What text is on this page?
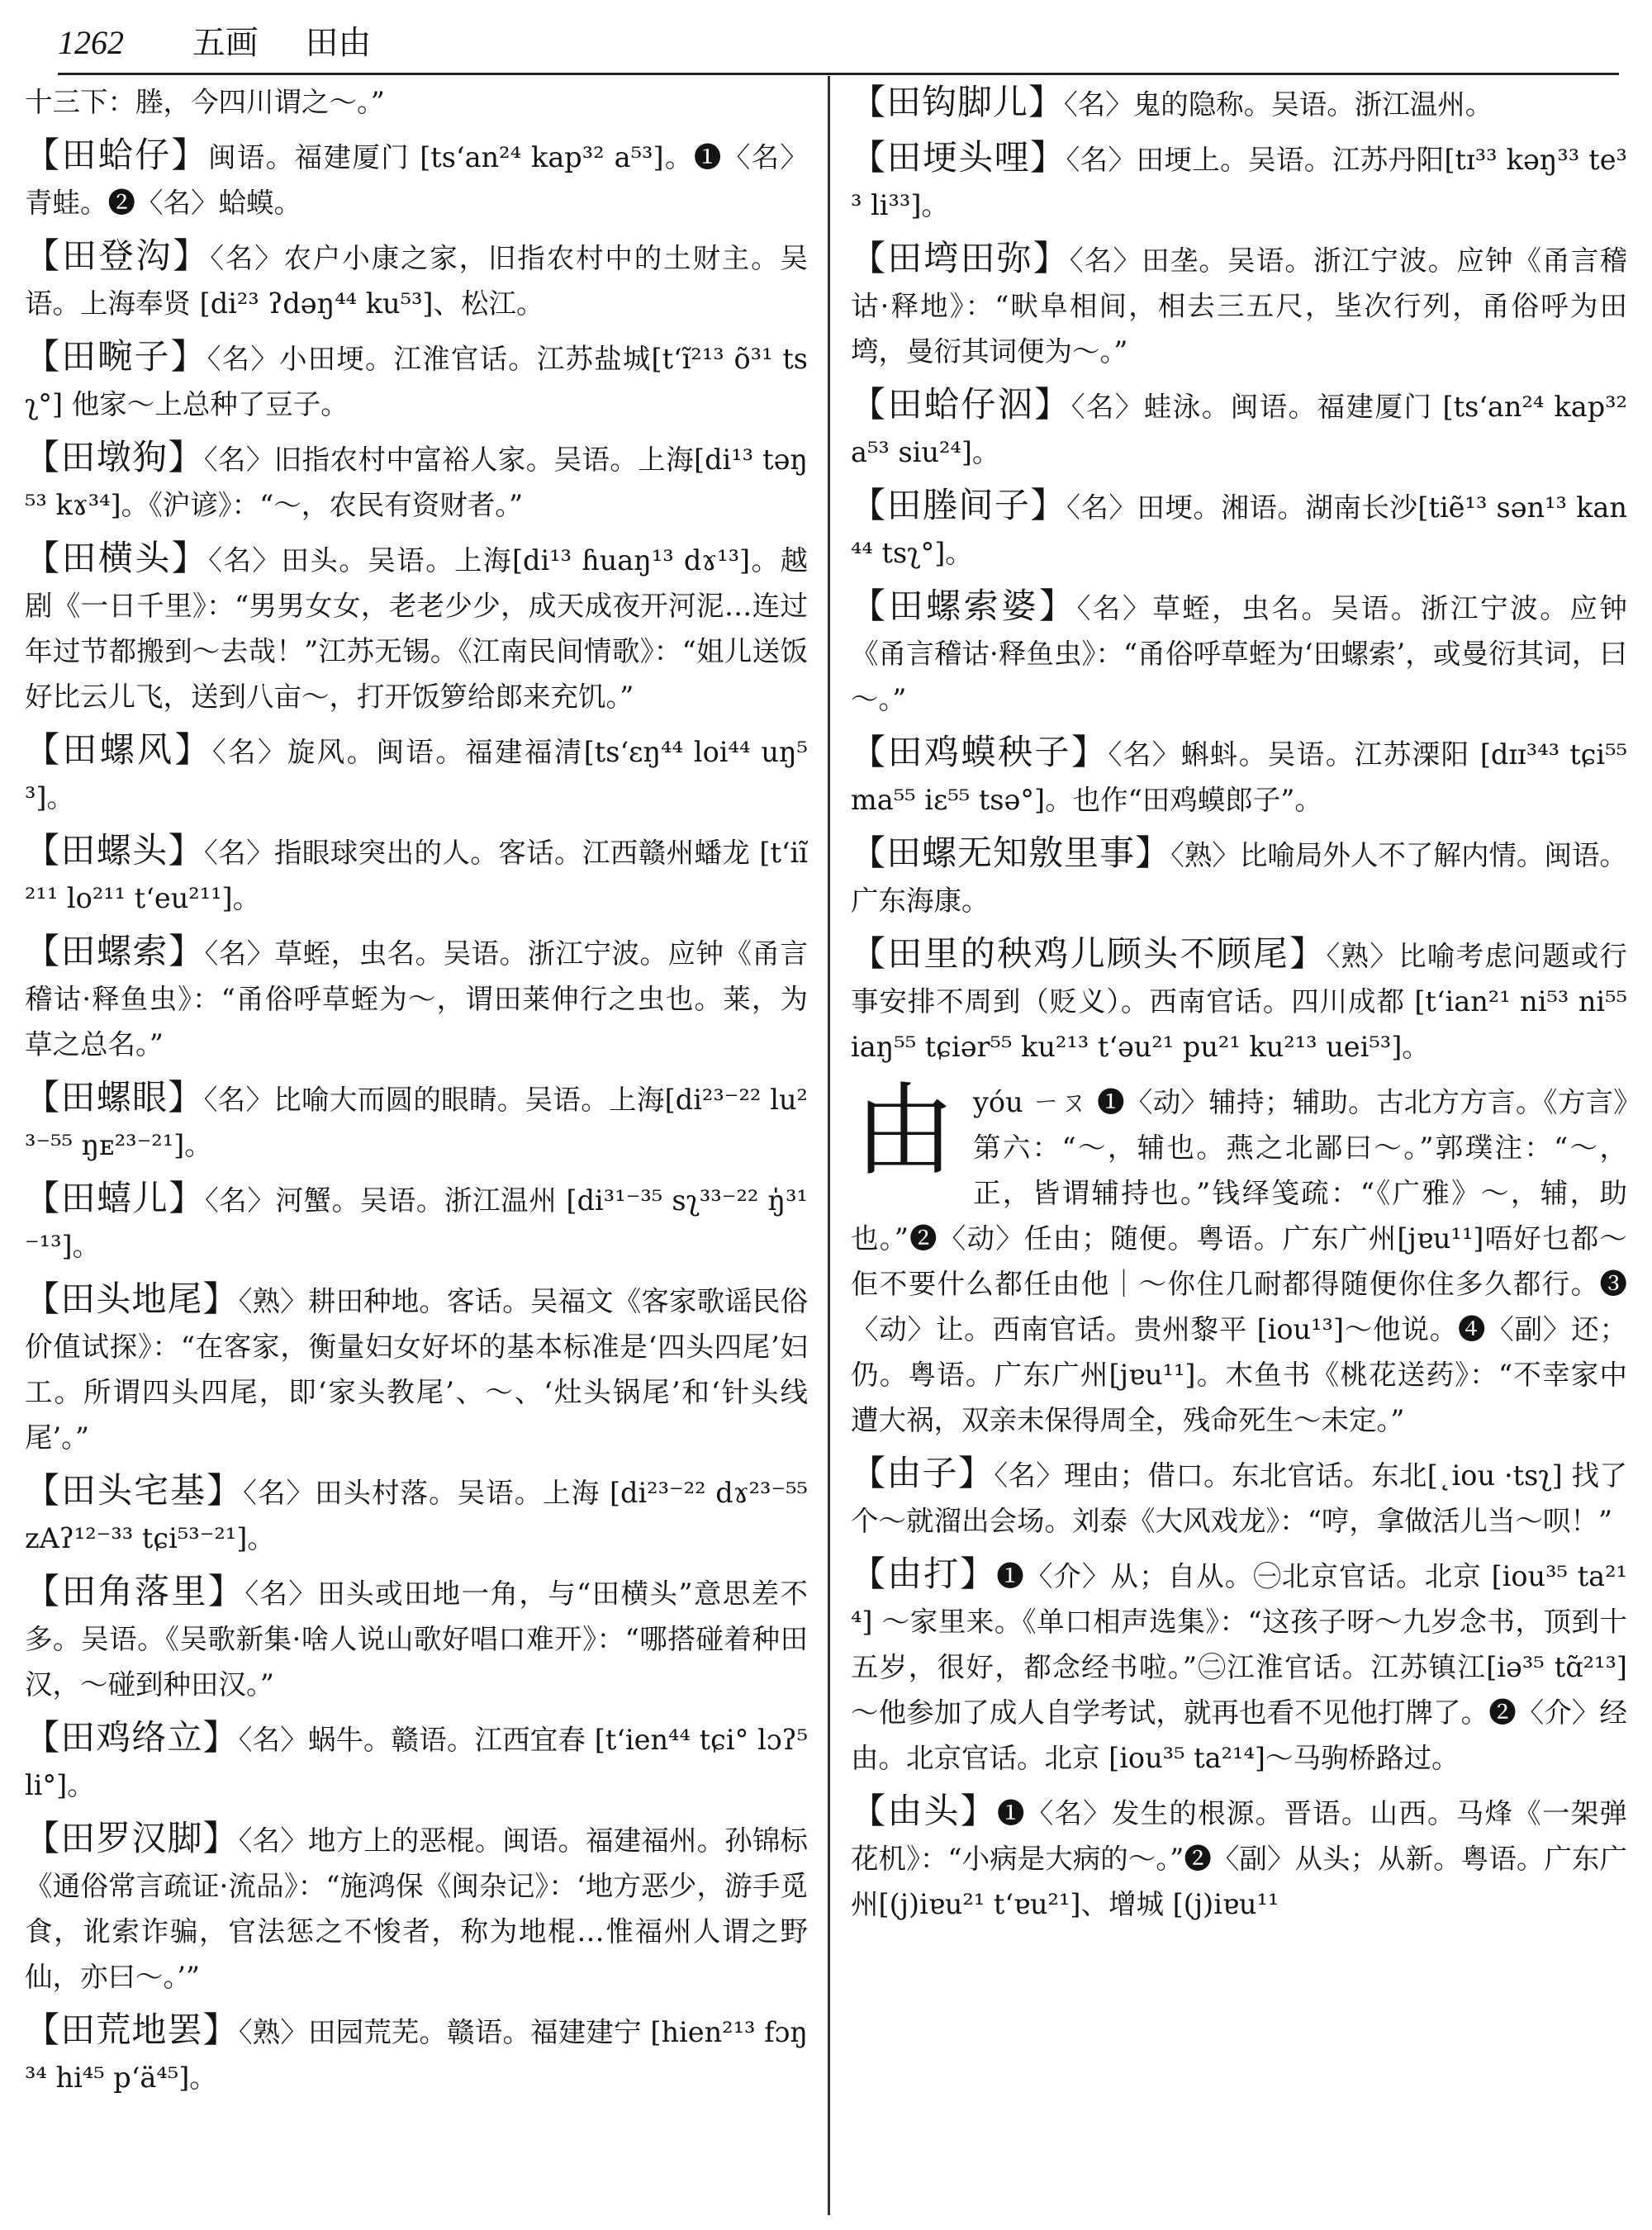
1262 五画 田由

十三下：塍，今四川谓之～。”

【田蛤仔】闽语。福建厦门 [tsʻan²⁴ kap³² a⁵³]。❶〈名〉青蛙。❷〈名〉蛤蟆。

【田登沟】〈名〉农户小康之家，旧指农村中的土财主。吴语。上海奉贤 [di²³ ʔdəŋ⁴⁴ ku⁵³]、松江。

【田畹子】〈名〉小田埂。江淮官话。江苏盐城[tʻĩ²¹³ õ³¹ tsʅ°] 他家～上总种了豆子。

【田墩狗】〈名〉旧指农村中富裕人家。吴语。上海[di¹³ təŋ⁵³ kɤ³⁴]。《沪谚》：“～，农民有资财者。”

【田横头】〈名〉田头。吴语。上海[di¹³ ɦuaŋ¹³ dɤ¹³]。越剧《一日千里》：“男男女女，老老少少，成天成夜开河泥…连过年过节都搬到～去哉！”江苏无锡。《江南民间情歌》：“姐儿送饭好比云儿飞，送到八亩～，打开饭箩给郎来充饥。”

【田螺风】〈名〉旋风。闽语。福建福清[tsʻɛŋ⁴⁴ loi⁴⁴ uŋ⁵³]。

【田螺头】〈名〉指眼球突出的人。客话。江西赣州蟠龙 [tʻiĩ²¹¹ lo²¹¹ tʻeu²¹¹]。

【田螺索】〈名〉草蛭，虫名。吴语。浙江宁波。应钟《甬言稽诂·释鱼虫》：“甬俗呼草蛭为～，谓田莱伸行之虫也。莱，为草之总名。”

【田螺眼】〈名〉比喻大而圆的眼睛。吴语。上海[di²³⁻²² lu²³⁻⁵⁵ ŋᴇ²³⁻²¹]。

【田蟢儿】〈名〉河蟹。吴语。浙江温州 [di³¹⁻³⁵ sʅ³³⁻²² ŋ̍³¹⁻¹³]。

【田头地尾】〈熟〉耕田种地。客话。吴福文《客家歌谣民俗价值试探》：“在客家，衡量妇女好坏的基本标准是‘四头四尾’妇工。所谓四头四尾，即‘家头教尾’、～、‘灶头锅尾’和‘针头线尾’。”

【田头宅基】〈名〉田头村落。吴语。上海 [di²³⁻²² dɤ²³⁻⁵⁵ zAʔ¹²⁻³³ tɕi⁵³⁻²¹]。

【田角落里】〈名〉田头或田地一角，与“田横头”意思差不多。吴语。《吴歌新集·啥人说山歌好唱口难开》：“哪搭碰着种田汉，～碰到种田汉。”

【田鸡络立】〈名〉蜗牛。赣语。江西宜春 [tʻien⁴⁴ tɕi° lɔʔ⁵ li°]。

【田罗汉脚】〈名〉地方上的恶棍。闽语。福建福州。孙锦标《通俗常言疏证·流品》：“施鸿保《闽杂记》：‘地方恶少，游手觅食，讹索诈骗，官法惩之不悛者，称为地棍…惟福州人谓之野仙，亦曰～。’”

【田荒地罢】〈熟〉田园荒芜。赣语。福建建宁 [hien²¹³ fɔŋ³⁴ hi⁴⁵ pʻä⁴⁵]。

【田钩脚儿】〈名〉鬼的隐称。吴语。浙江温州。

【田埂头哩】〈名〉田埂上。吴语。江苏丹阳[tɪ³³ kəŋ³³ te³³ li³³]。

【田塆田弥】〈名〉田垄。吴语。浙江宁波。应钟《甬言稽诂·释地》：“畎阜相间，相去三五尺，坒次行列，甬俗呼为田塆，曼衍其词便为～。”

【田蛤仔泅】〈名〉蛙泳。闽语。福建厦门 [tsʻan²⁴ kap³² a⁵³ siu²⁴]。

【田塍间子】〈名〉田埂。湘语。湖南长沙[tiẽ¹³ sən¹³ kan⁴⁴ tsʅ°]。

【田螺索婆】〈名〉草蛭，虫名。吴语。浙江宁波。应钟《甬言稽诂·释鱼虫》：“甬俗呼草蛭为‘田螺索’，或曼衍其词，曰～。”

【田鸡蟆秧子】〈名〉蝌蚪。吴语。江苏溧阳 [dɪɪ³⁴³ tɕi⁵⁵ ma⁵⁵ iɛ⁵⁵ tsə°]。也作“田鸡蟆郎子”。

【田螺无知敫里事】〈熟〉比喻局外人不了解内情。闽语。广东海康。

【田里的秧鸡儿顾头不顾尾】〈熟〉比喻考虑问题或行事安排不周到（贬义）。西南官话。四川成都 [tʻian²¹ ni⁵³ ni⁵⁵ iaŋ⁵⁵ tɕiər⁵⁵ ku²¹³ tʻəu²¹ pu²¹ ku²¹³ uei⁵³]。

由yóu ㄧㄡ ❶〈动〉辅持；辅助。古北方方言。《方言》第六：“～，辅也。燕之北鄙曰～。”郭璞注：“～，正，皆谓辅持也。”钱绎笺疏：“《广雅》～，辅，助也。”❷〈动〉任由；随便。粤语。广东广州[jɐu¹¹]唔好乜都～佢不要什么都任由他｜～你住几耐都得随便你住多久都行。❸〈动〉让。西南官话。贵州黎平 [iou¹³]～他说。❹〈副〉还；仍。粤语。广东广州[jɐu¹¹]。木鱼书《桃花送药》：“不幸家中遭大祸，双亲未保得周全，残命死生～未定。”

【由子】〈名〉理由；借口。东北官话。东北[˛iou ·tsʅ] 找了个～就溜出会场。刘泰《大风戏龙》：“哼，拿做活儿当～呗！”

【由打】❶〈介〉从；自从。㊀北京官话。北京 [iou³⁵ ta²¹⁴] ～家里来。《单口相声选集》：“这孩子呀～九岁念书，顶到十五岁，很好，都念经书啦。”㊁江淮官话。江苏镇江[iə³⁵ tɑ̃²¹³]～他参加了成人自学考试，就再也看不见他打牌了。❷〈介〉经由。北京官话。北京 [iou³⁵ ta²¹⁴]～马驹桥路过。

【由头】❶〈名〉发生的根源。晋语。山西。马烽《一架弹花机》：“小病是大病的～。”❷〈副〉从头；从新。粤语。广东广州[(j)iɐu²¹ tʻɐu²¹]、增城 [(j)iɐu¹¹
